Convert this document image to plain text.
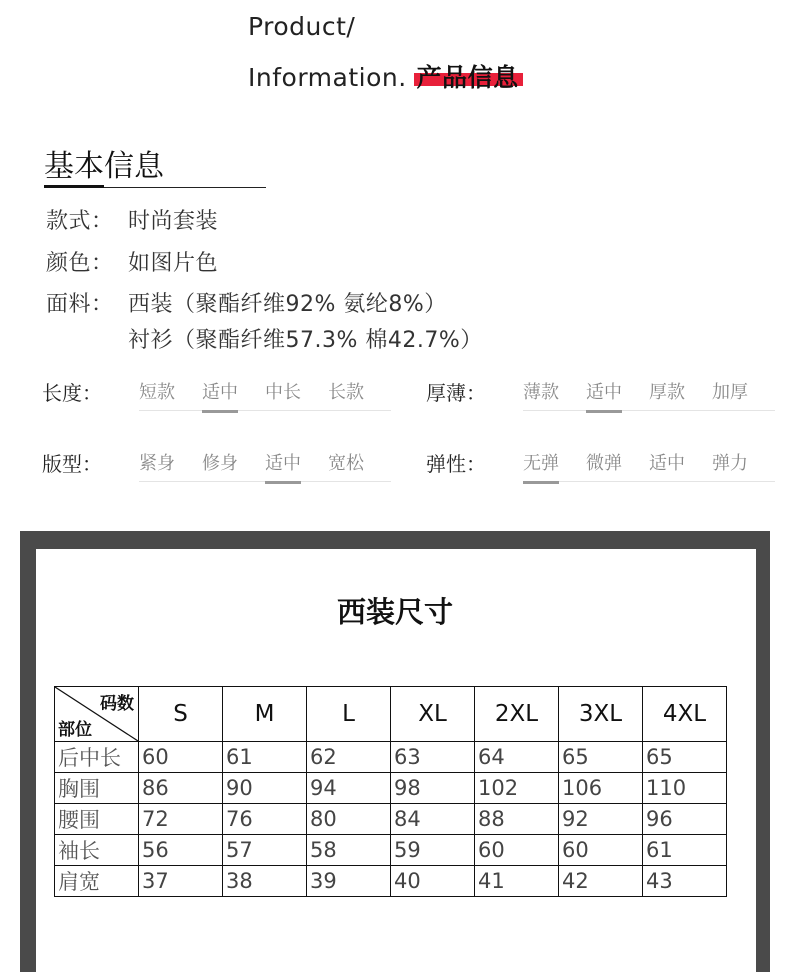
Product/
Information. 产品信息
基本信息
款式： 时尚套装
颜色： 如图片色
面料： 西装（聚酯纤维92% 氨纶8%）
衬衫（聚酯纤维57.3% 棉42.7%）
长度： 短款	适中	中长	长款	厚薄： 薄款	适中	厚款	加厚
版型： 紧身	修身	适中	宽松	弹性： 无弹	微弹	适中	弹力
西装尺寸
码数
部位	S	M	L	XL	2XL	3XL	4XL
后中长	60	61	62	63	64	65	65
胸围	86	90	94	98	102	106	110
腰围	72	76	80	84	88	92	96
袖长	56	57	58	59	60	60	61
肩宽	37	38	39	40	41	42	43
